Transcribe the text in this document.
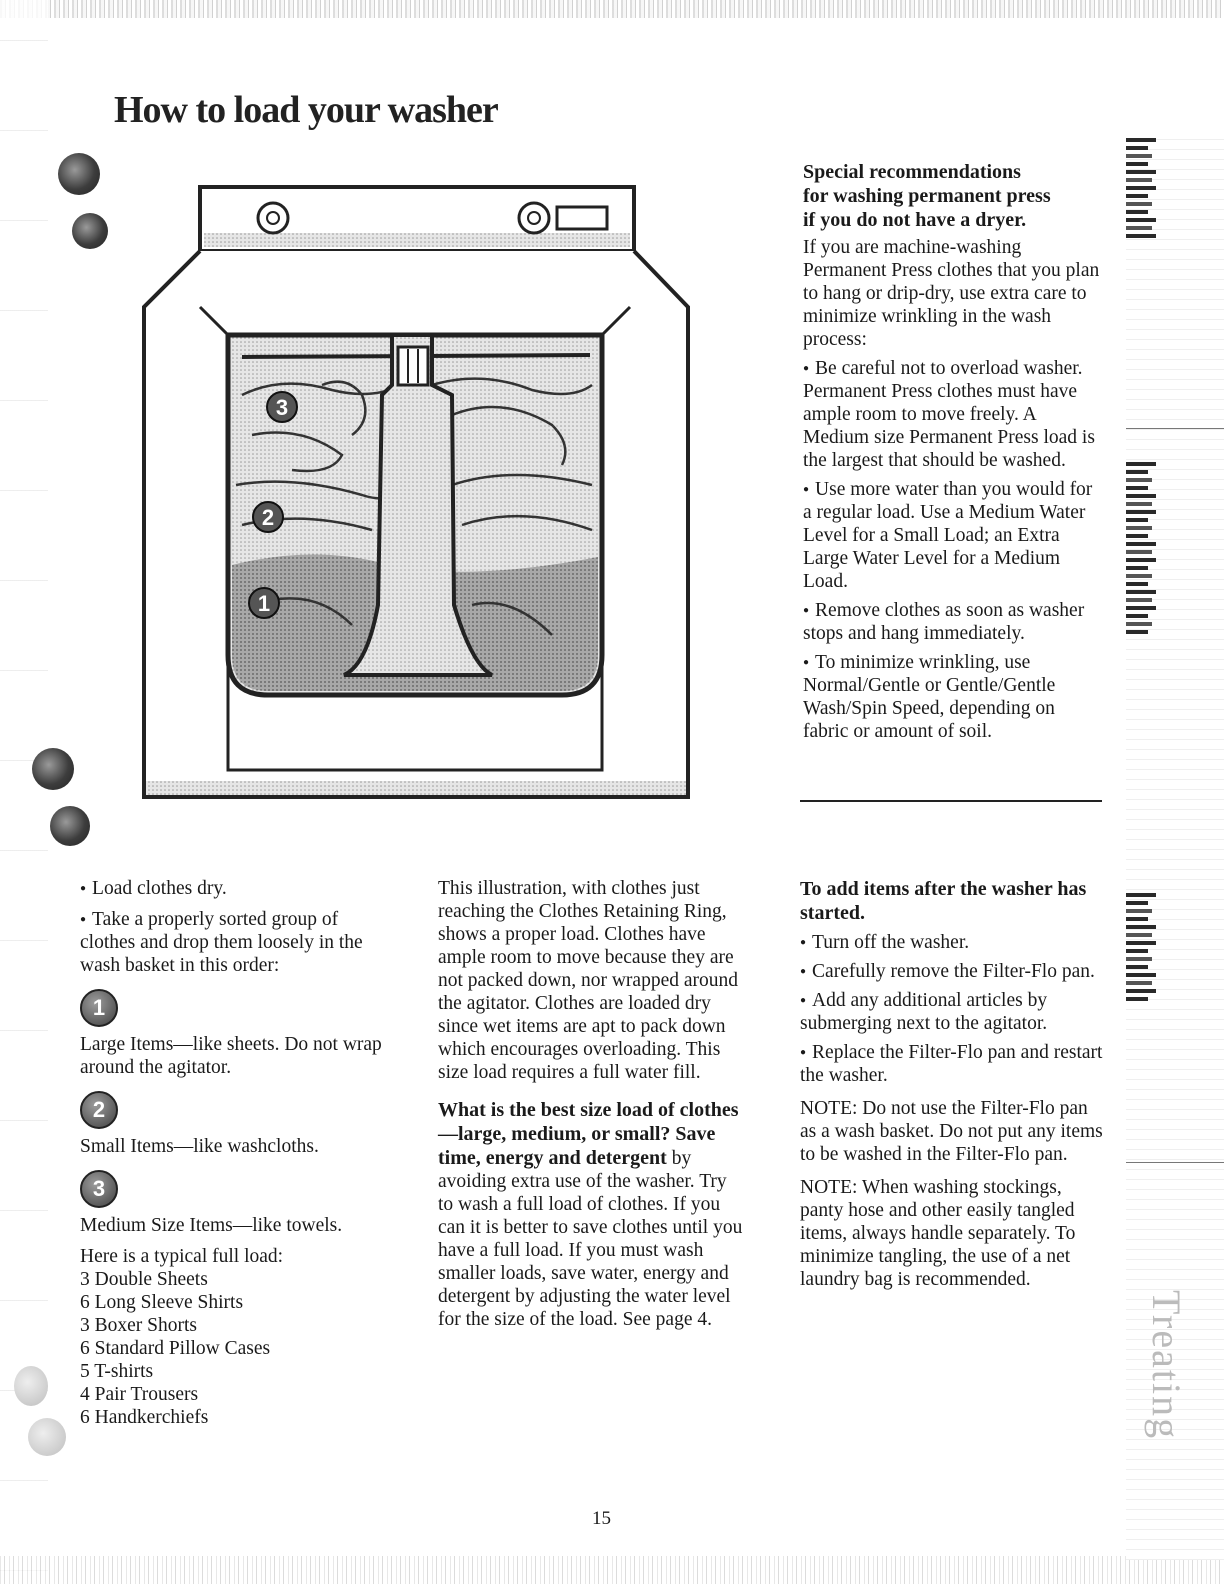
Treating
How to load your washer
3
2
1
Special recommendations
for washing permanent press
if you do not have a dryer.

If you are machine-washing Permanent Press clothes that you plan to hang or drip-dry, use extra care to minimize wrinkling in the wash process:

● Be careful not to overload washer. Permanent Press clothes must have ample room to move freely. A Medium size Permanent Press load is the largest that should be washed.

● Use more water than you would for a regular load. Use a Medium Water Level for a Small Load; an Extra Large Water Level for a Medium Load.

● Remove clothes as soon as washer stops and hang immediately.

● To minimize wrinkling, use Normal/Gentle or Gentle/Gentle Wash/Spin Speed, depending on fabric or amount of soil.

● Load clothes dry.

● Take a properly sorted group of clothes and drop them loosely in the wash basket in this order:

1

Large Items—like sheets. Do not wrap around the agitator.

2

Small Items—like washcloths.

3

Medium Size Items—like towels.

Here is a typical full load:
3 Double Sheets
6 Long Sleeve Shirts
3 Boxer Shorts
6 Standard Pillow Cases
5 T-shirts
4 Pair Trousers
6 Handkerchiefs

This illustration, with clothes just reaching the Clothes Retaining Ring, shows a proper load. Clothes have ample room to move because they are not packed down, nor wrapped around the agitator. Clothes are loaded dry since wet items are apt to pack down which encourages overloading. This size load requires a full water fill.

What is the best size load of clothes—large, medium, or small? Save time, energy and detergent by avoiding extra use of the washer. Try to wash a full load of clothes. If you can it is better to save clothes until you have a full load. If you must wash smaller loads, save water, energy and detergent by adjusting the water level for the size of the load. See page 4.

To add items after the washer has started.

● Turn off the washer.

● Carefully remove the Filter-Flo pan.

● Add any additional articles by submerging next to the agitator.

● Replace the Filter-Flo pan and restart the washer.

NOTE: Do not use the Filter-Flo pan as a wash basket. Do not put any items to be washed in the Filter-Flo pan.

NOTE: When washing stockings, panty hose and other easily tangled items, always handle separately. To minimize tangling, the use of a net laundry bag is recommended.

15
